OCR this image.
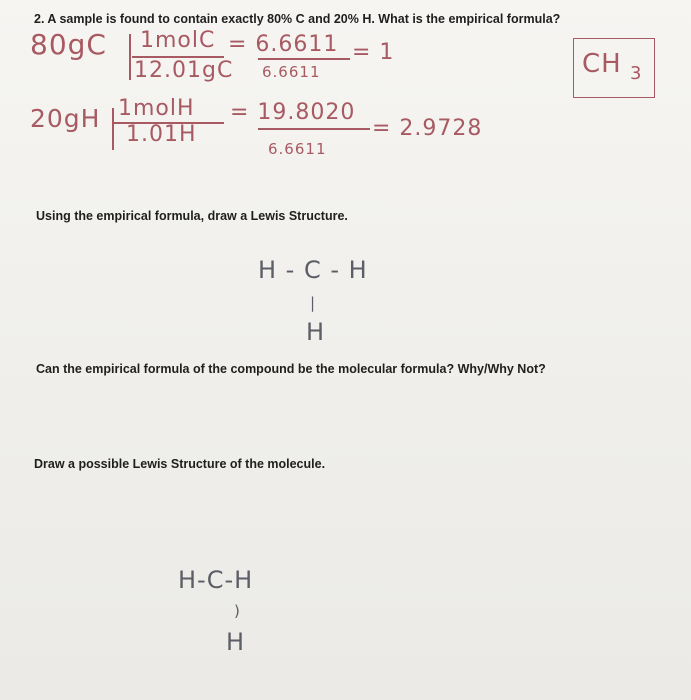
2. A sample is found to contain exactly 80% C and 20% H. What is the empirical formula?
80gC 1molC
12.01gC
= 6.6611
6.6611
= 1	CH 3
20gH 1molH
1.01H
= 19.8020
6.6611
= 2.9728
Using the empirical formula, draw a Lewis Structure.
H - C - H
|
H
Can the empirical formula of the compound be the molecular formula? Why/Why Not?
Draw a possible Lewis Structure of the molecule.
H-C-H
)
H
